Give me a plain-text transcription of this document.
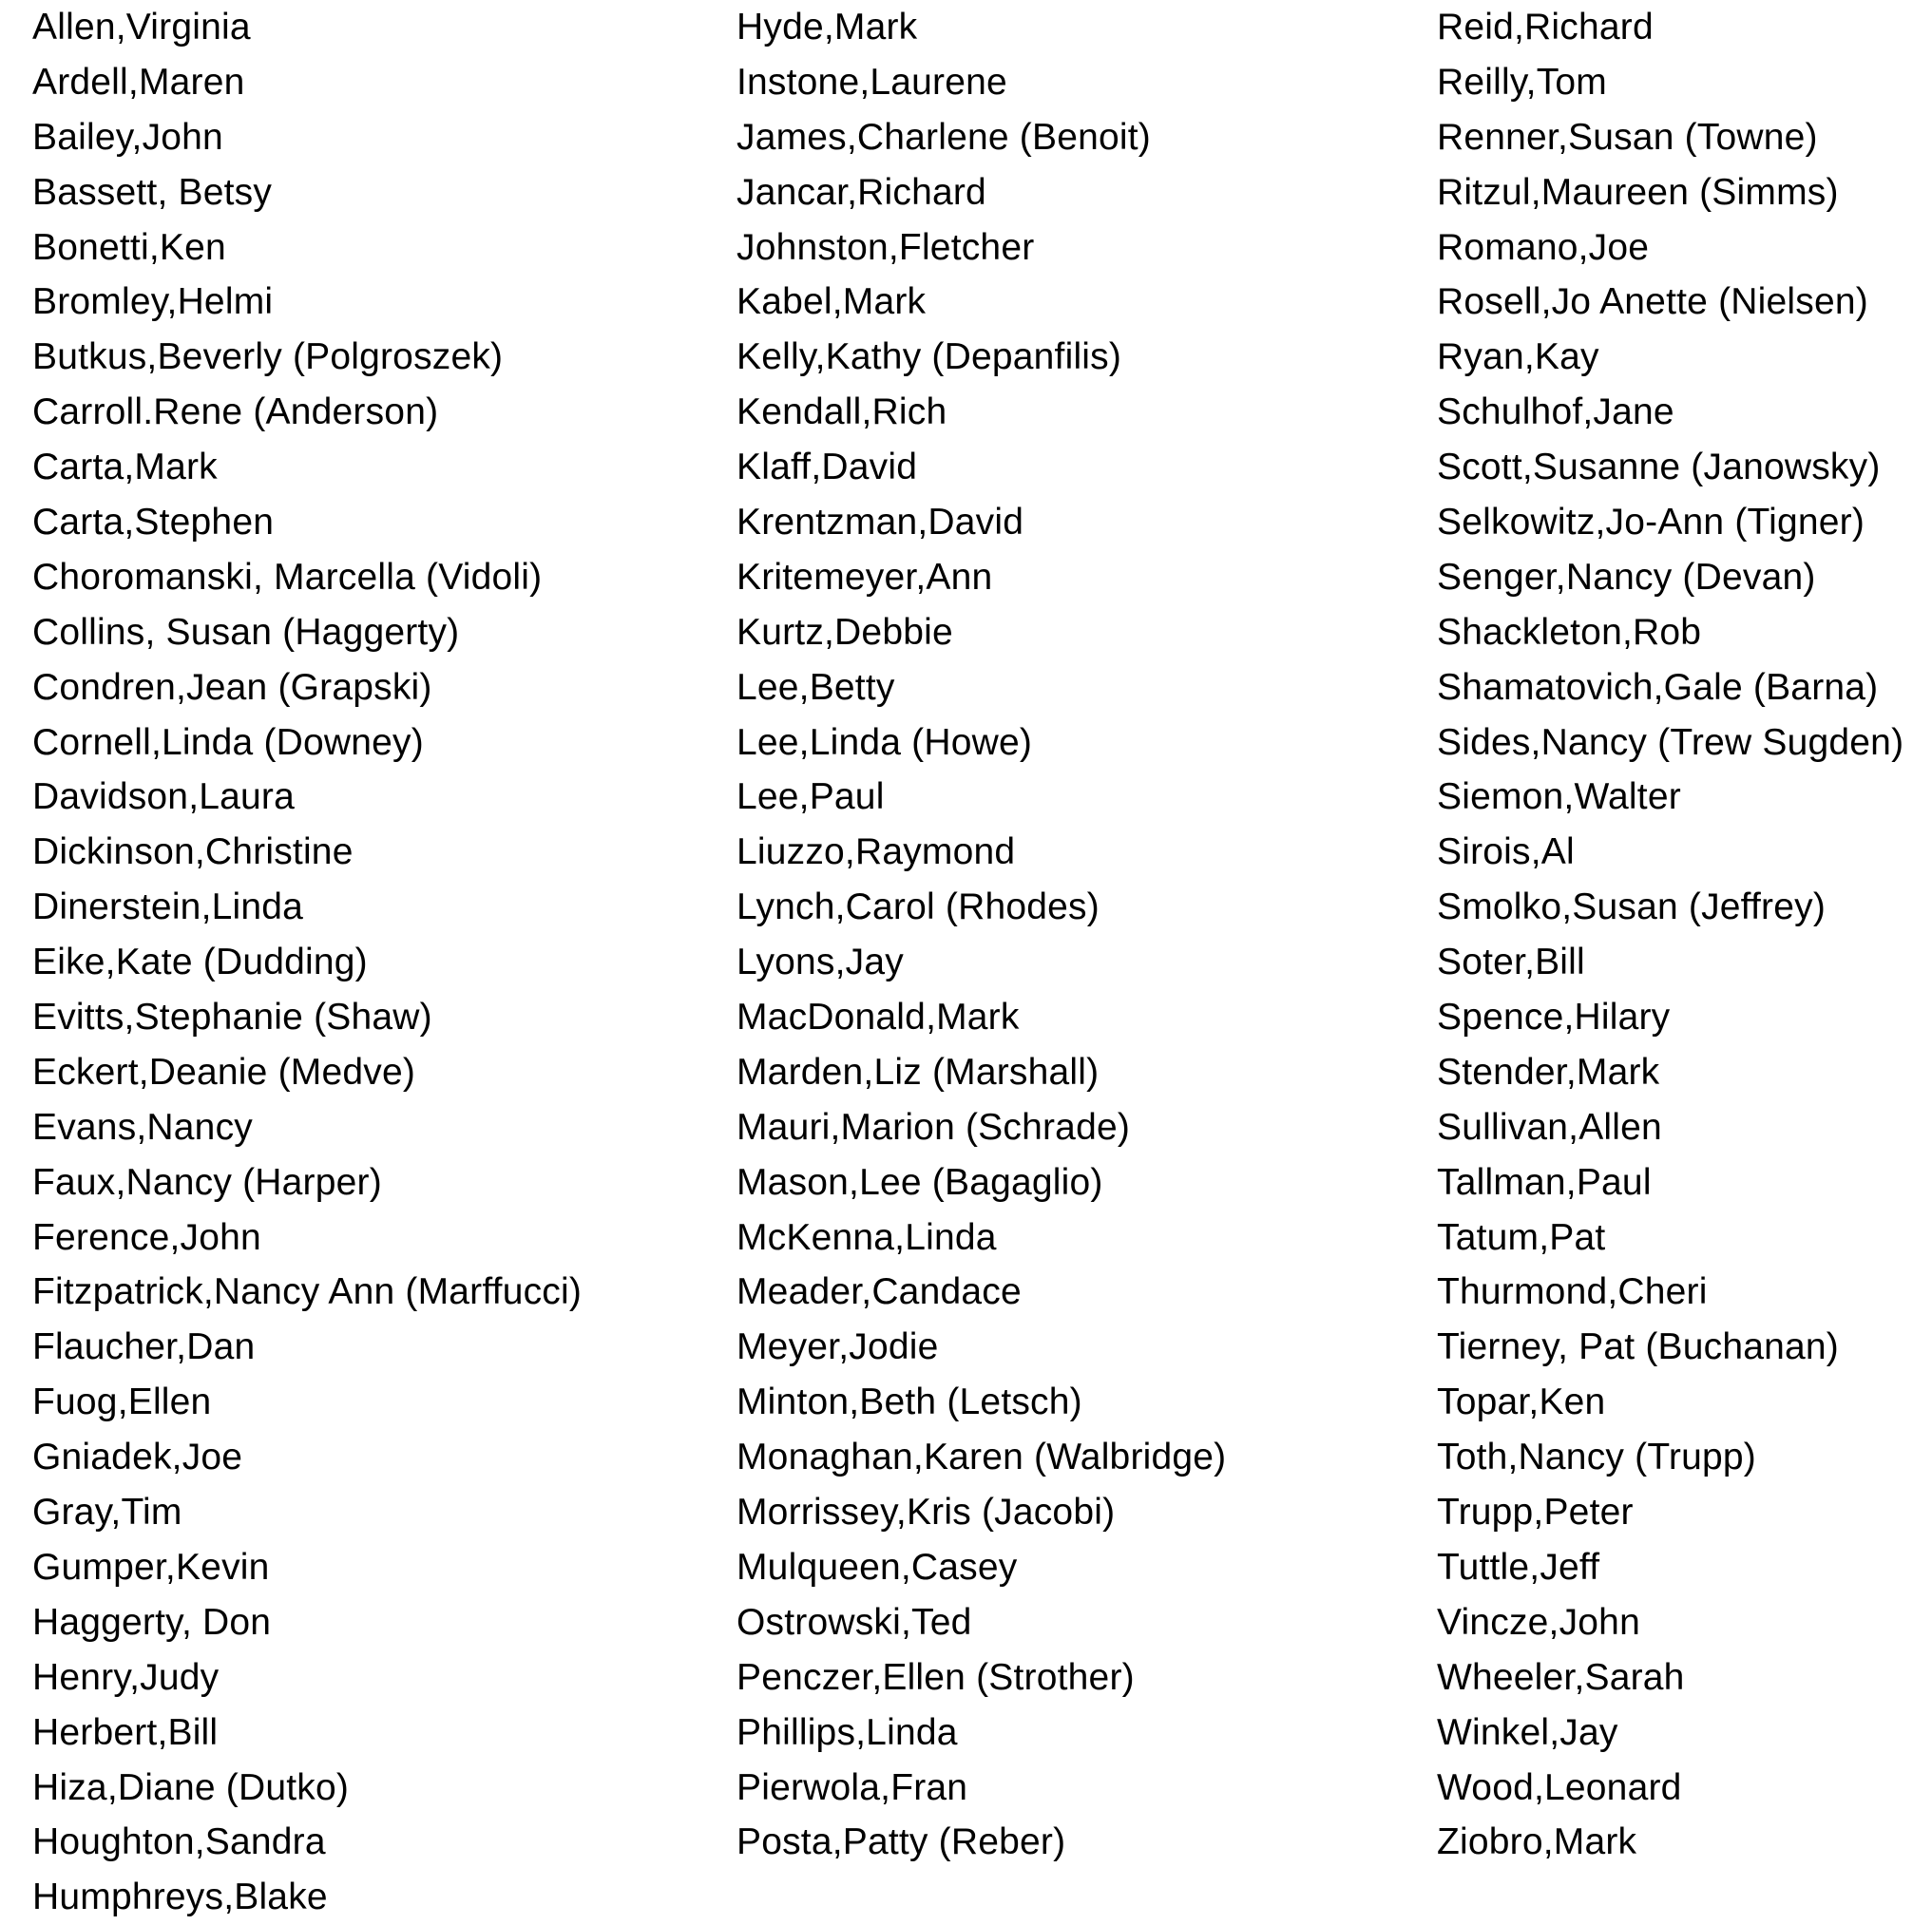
Allen,Virginia
Ardell,Maren
Bailey,John
Bassett, Betsy
Bonetti,Ken
Bromley,Helmi
Butkus,Beverly (Polgroszek)
Carroll.Rene (Anderson)
Carta,Mark
Carta,Stephen
Choromanski, Marcella (Vidoli)
Collins, Susan (Haggerty)
Condren,Jean (Grapski)
Cornell,Linda (Downey)
Davidson,Laura
Dickinson,Christine
Dinerstein,Linda
Eike,Kate (Dudding)
Evitts,Stephanie (Shaw)
Eckert,Deanie (Medve)
Evans,Nancy
Faux,Nancy (Harper)
Ference,John
Fitzpatrick,Nancy Ann (Marffucci)
Flaucher,Dan
Fuog,Ellen
Gniadek,Joe
Gray,Tim
Gumper,Kevin
Haggerty, Don
Henry,Judy
Herbert,Bill
Hiza,Diane (Dutko)
Houghton,Sandra
Humphreys,Blake
Hyde,Mark
Instone,Laurene
James,Charlene (Benoit)
Jancar,Richard
Johnston,Fletcher
Kabel,Mark
Kelly,Kathy (Depanfilis)
Kendall,Rich
Klaff,David
Krentzman,David
Kritemeyer,Ann
Kurtz,Debbie
Lee,Betty
Lee,Linda (Howe)
Lee,Paul
Liuzzo,Raymond
Lynch,Carol (Rhodes)
Lyons,Jay
MacDonald,Mark
Marden,Liz (Marshall)
Mauri,Marion (Schrade)
Mason,Lee (Bagaglio)
McKenna,Linda
Meader,Candace
Meyer,Jodie
Minton,Beth (Letsch)
Monaghan,Karen (Walbridge)
Morrissey,Kris (Jacobi)
Mulqueen,Casey
Ostrowski,Ted
Penczer,Ellen (Strother)
Phillips,Linda
Pierwola,Fran
Posta,Patty (Reber)
Reid,Richard
Reilly,Tom
Renner,Susan (Towne)
Ritzul,Maureen (Simms)
Romano,Joe
Rosell,Jo Anette (Nielsen)
Ryan,Kay
Schulhof,Jane
Scott,Susanne (Janowsky)
Selkowitz,Jo-Ann (Tigner)
Senger,Nancy (Devan)
Shackleton,Rob
Shamatovich,Gale (Barna)
Sides,Nancy (Trew Sugden)
Siemon,Walter
Sirois,Al
Smolko,Susan (Jeffrey)
Soter,Bill
Spence,Hilary
Stender,Mark
Sullivan,Allen
Tallman,Paul
Tatum,Pat
Thurmond,Cheri
Tierney, Pat (Buchanan)
Topar,Ken
Toth,Nancy (Trupp)
Trupp,Peter
Tuttle,Jeff
Vincze,John
Wheeler,Sarah
Winkel,Jay
Wood,Leonard
Ziobro,Mark
